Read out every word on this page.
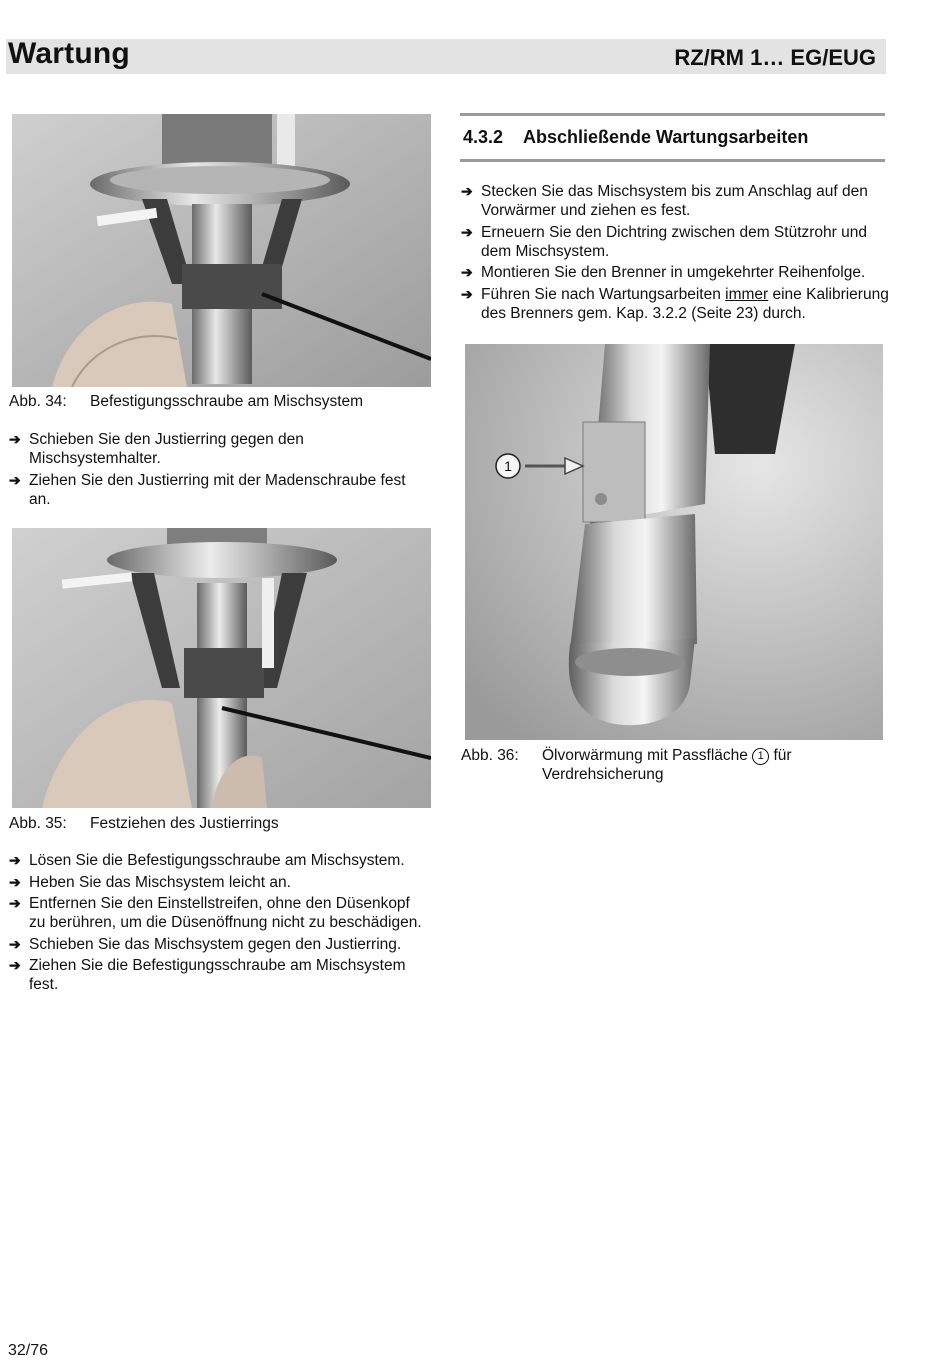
Wartung	RZ/RM 1… EG/EUG
Abb. 34: Befestigungsschraube am Mischsystem
➔ Schieben Sie den Justierring gegen den Mischsystemhalter.
➔ Ziehen Sie den Justierring mit der Madenschraube fest an.
Abb. 35: Festziehen des Justierrings
➔ Lösen Sie die Befestigungsschraube am Mischsystem.
➔ Heben Sie das Mischsystem leicht an.
➔ Entfernen Sie den Einstellstreifen, ohne den Düsenkopf zu berühren, um die Düsenöffnung nicht zu beschädigen.
➔ Schieben Sie das Mischsystem gegen den Justierring.
➔ Ziehen Sie die Befestigungsschraube am Mischsystem fest.
4.3.2 Abschließende Wartungsarbeiten
➔ Stecken Sie das Mischsystem bis zum Anschlag auf den Vorwärmer und ziehen es fest.
➔ Erneuern Sie den Dichtring zwischen dem Stützrohr und dem Mischsystem.
➔ Montieren Sie den Brenner in umgekehrter Reihenfolge.
➔ Führen Sie nach Wartungsarbeiten immer eine Kalibrierung des Brenners gem. Kap. 3.2.2 (Seite 23) durch.
1
Abb. 36: Ölvorwärmung mit Passfläche 1 für Verdrehsicherung
32/76
